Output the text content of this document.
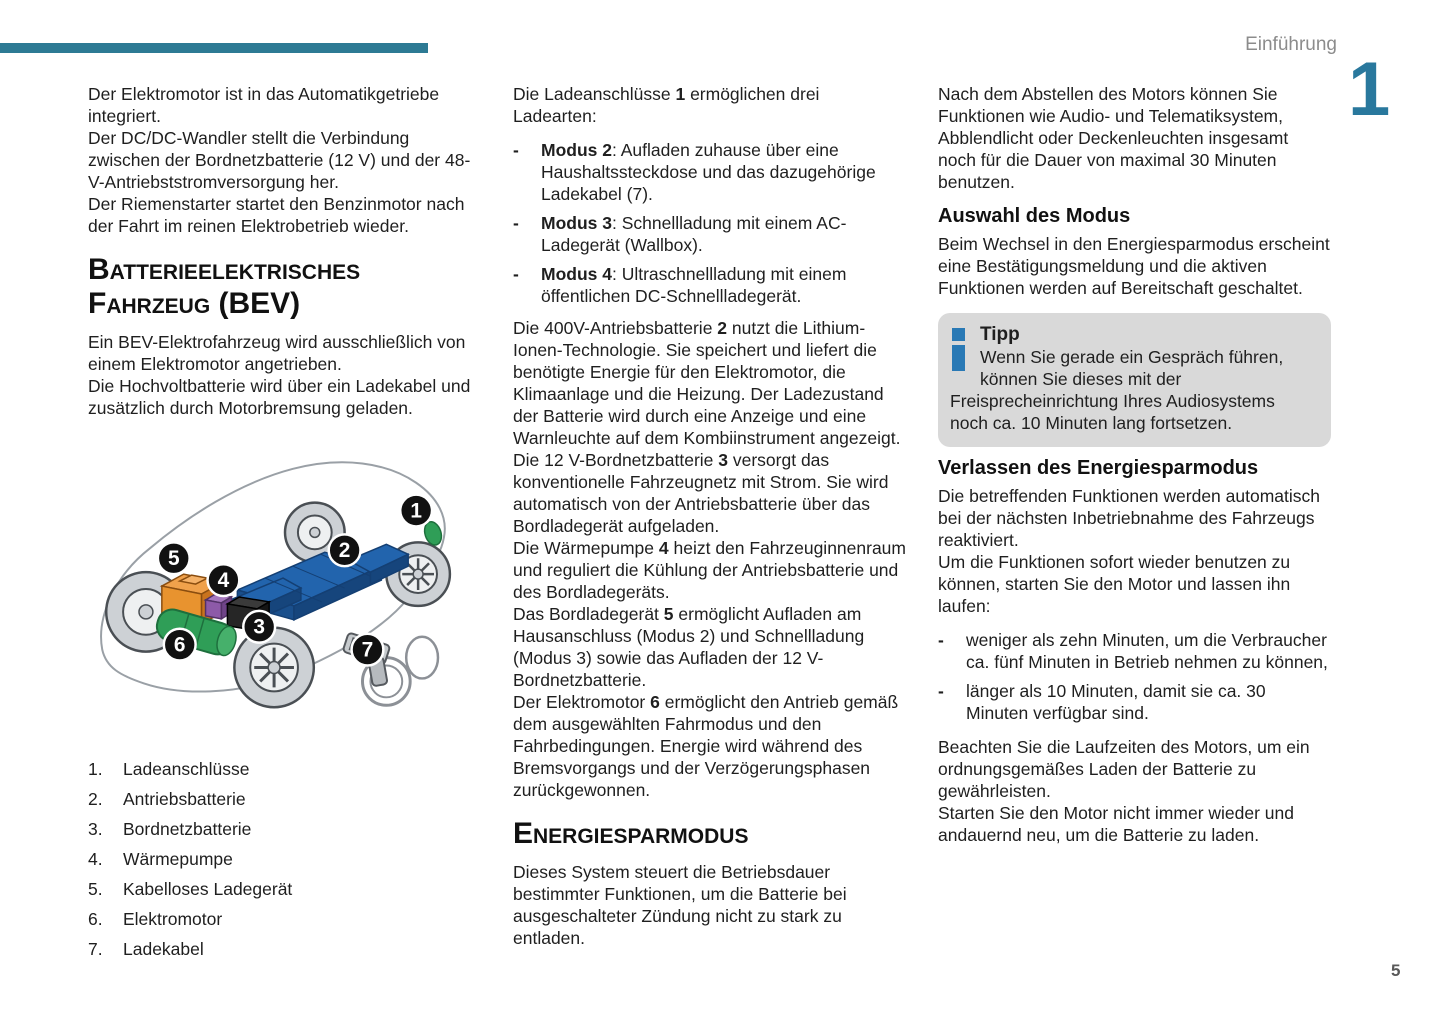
Einführung
1
5

Der Elektromotor ist in das Automatikgetriebe integriert.

Der DC/DC-Wandler stellt die Verbindung zwischen der Bordnetzbatterie (12 V) und der 48-V-Antriebststromversorgung her.

Der Riemenstarter startet den Benzinmotor nach der Fahrt im reinen Elektrobetrieb wieder.

Batterieelektrisches Fahrzeug (BEV)

Ein BEV-Elektrofahrzeug wird ausschließlich von einem Elektromotor angetrieben.

Die Hochvoltbatterie wird über ein Ladekabel und zusätzlich durch Motorbremsung geladen.

1
2
3
4
5
6	7
1.	Ladeanschlüsse
2.	Antriebsbatterie
3.	Bordnetzbatterie
4.	Wärmepumpe
5.	Kabelloses Ladegerät
6.	Elektromotor
7.	Ladekabel

Die Ladeanschlüsse 1 ermöglichen drei Ladearten:

-	Modus 2: Aufladen zuhause über eine Haushaltssteckdose und das dazugehörige Ladekabel (7).
-	Modus 3: Schnellladung mit einem AC-Ladegerät (Wallbox).
-	Modus 4: Ultraschnellladung mit einem öffentlichen DC-Schnellladegerät.

Die 400V-Antriebsbatterie 2 nutzt die Lithium-Ionen-Technologie. Sie speichert und liefert die benötigte Energie für den Elektromotor, die Klimaanlage und die Heizung. Der Ladezustand der Batterie wird durch eine Anzeige und eine Warnleuchte auf dem Kombiinstrument angezeigt.

Die 12 V-Bordnetzbatterie 3 versorgt das konventionelle Fahrzeugnetz mit Strom. Sie wird automatisch von der Antriebsbatterie über das Bordladegerät aufgeladen.

Die Wärmepumpe 4 heizt den Fahrzeuginnenraum und reguliert die Kühlung der Antriebsbatterie und des Bordladegeräts.

Das Bordladegerät 5 ermöglicht Aufladen am Hausanschluss (Modus 2) und Schnellladung (Modus 3) sowie das Aufladen der 12 V-Bordnetzbatterie.

Der Elektromotor 6 ermöglicht den Antrieb gemäß dem ausgewählten Fahrmodus und den Fahrbedingungen. Energie wird während des Bremsvorgangs und der Verzögerungsphasen zurückgewonnen.

Energiesparmodus

Dieses System steuert die Betriebsdauer bestimmter Funktionen, um die Batterie bei ausgeschalteter Zündung nicht zu stark zu entladen.

Nach dem Abstellen des Motors können Sie Funktionen wie Audio- und Telematiksystem, Abblendlicht oder Deckenleuchten insgesamt noch für die Dauer von maximal 30 Minuten benutzen.

Auswahl des Modus

Beim Wechsel in den Energiesparmodus erscheint eine Bestätigungsmeldung und die aktiven Funktionen werden auf Bereitschaft geschaltet.

Tipp
Wenn Sie gerade ein Gespräch führen, können Sie dieses mit der Freisprecheinrichtung Ihres Audiosystems noch ca. 10 Minuten lang fortsetzen.
Verlassen des Energiesparmodus

Die betreffenden Funktionen werden automatisch bei der nächsten Inbetriebnahme des Fahrzeugs reaktiviert.

Um die Funktionen sofort wieder benutzen zu können, starten Sie den Motor und lassen ihn laufen:

-	weniger als zehn Minuten, um die Verbraucher ca. fünf Minuten in Betrieb nehmen zu können,
-	länger als 10 Minuten, damit sie ca. 30 Minuten verfügbar sind.

Beachten Sie die Laufzeiten des Motors, um ein ordnungsgemäßes Laden der Batterie zu gewährleisten.

Starten Sie den Motor nicht immer wieder und andauernd neu, um die Batterie zu laden.
